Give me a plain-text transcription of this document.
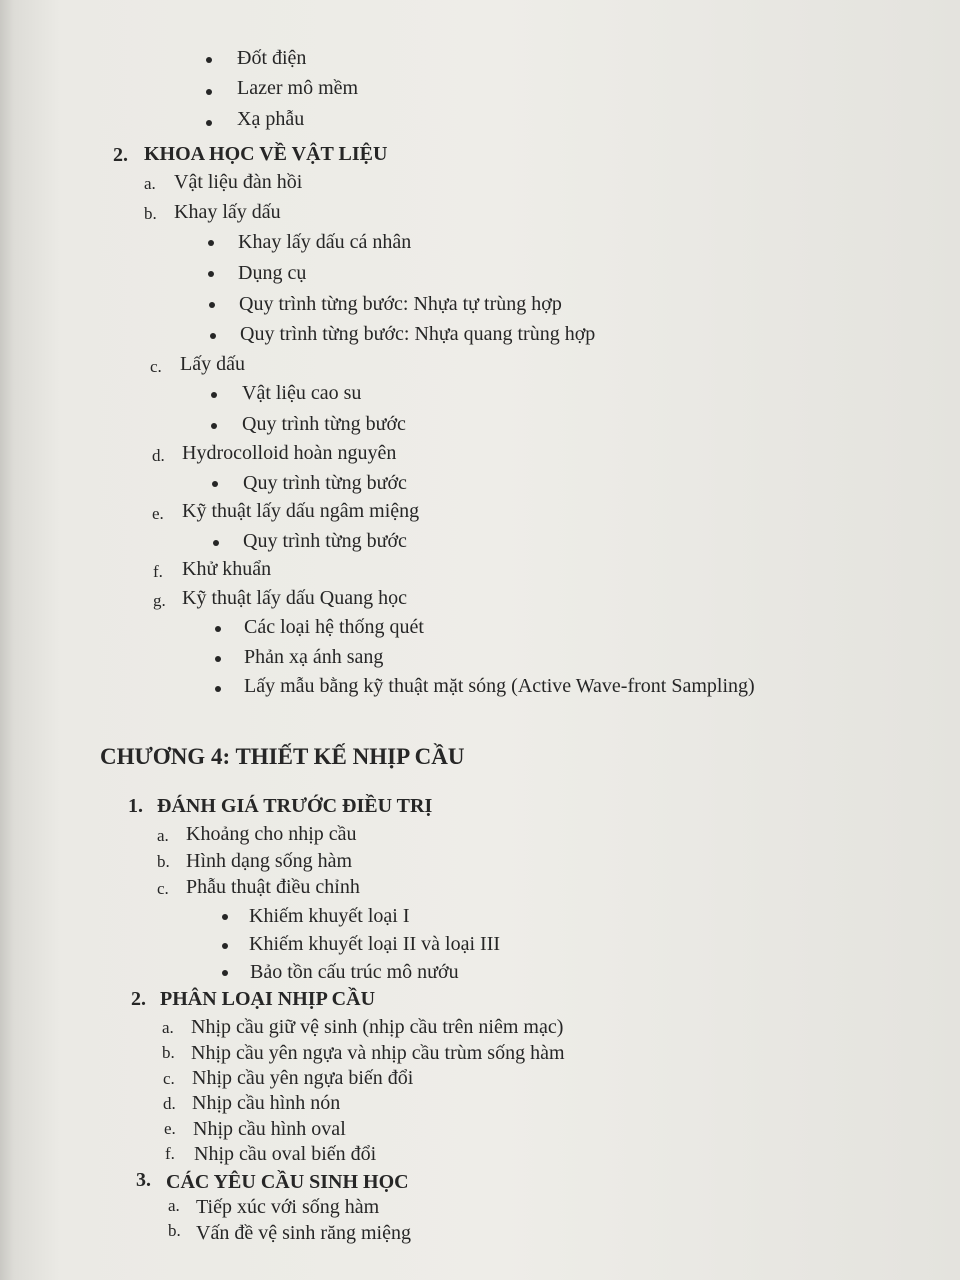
Đốt điện
Lazer mô mềm
Xạ phẫu
2. KHOA HỌC VỀ VẬT LIỆU
a. Vật liệu đàn hồi
b. Khay lấy dấu
Khay lấy dấu cá nhân
Dụng cụ
Quy trình từng bước: Nhựa tự trùng hợp
Quy trình từng bước: Nhựa quang trùng hợp
c. Lấy dấu
Vật liệu cao su
Quy trình từng bước
d. Hydrocolloid hoàn nguyên
Quy trình từng bước
e. Kỹ thuật lấy dấu ngâm miệng
Quy trình từng bước
f. Khử khuẩn
g. Kỹ thuật lấy dấu Quang học
Các loại hệ thống quét
Phản xạ ánh sang
Lấy mẫu bằng kỹ thuật mặt sóng (Active Wave-front Sampling)
CHƯƠNG 4: THIẾT KẾ NHỊP CẦU
1. ĐÁNH GIÁ TRƯỚC ĐIỀU TRỊ
a. Khoảng cho nhịp cầu
b. Hình dạng sống hàm
c. Phẫu thuật điều chỉnh
Khiếm khuyết loại I
Khiếm khuyết loại II và loại III
Bảo tồn cấu trúc mô nướu
2. PHÂN LOẠI NHỊP CẦU
a. Nhịp cầu giữ vệ sinh (nhịp cầu trên niêm mạc)
b. Nhịp cầu yên ngựa và nhịp cầu trùm sống hàm
c. Nhịp cầu yên ngựa biến đổi
d. Nhịp cầu hình nón
e. Nhịp cầu hình oval
f. Nhịp cầu oval biến đổi
3. CÁC YÊU CẦU SINH HỌC
a. Tiếp xúc với sống hàm
b. Vấn đề vệ sinh răng miệng
